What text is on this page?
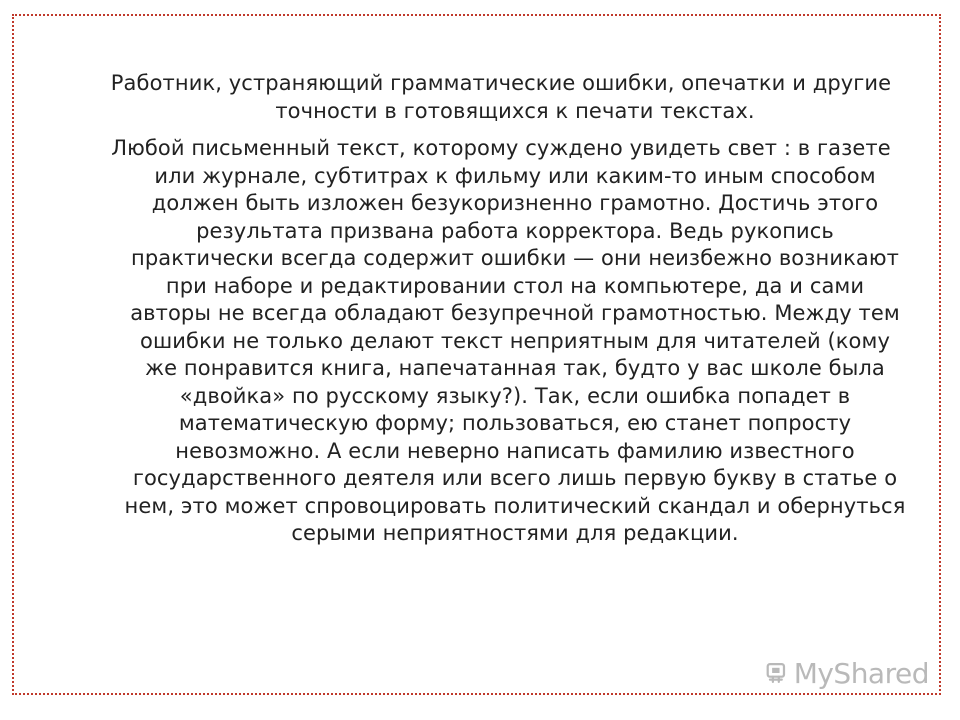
Работник, устраняющий грамматические ошибки, опечатки и другие точности в готовящихся к печати текстах.

Любой письменный текст, которому суждено увидеть свет : в газете или журнале, субтитрах к фильму или каким-то иным способом должен быть изложен безукоризненно грамотно. Достичь этого результата призвана работа корректора. Ведь рукопись практически всегда содержит ошибки — они неизбежно возникают при наборе и редактировании стол на компьютере, да и сами авторы не всегда обладают безупречной грамотностью. Между тем ошибки не только делают текст неприятным для читателей (кому же понравится книга, напечатанная так, будто у вас школе была «двойка» по русскому языку?). Так, если ошибка попадет в математическую форму; пользоваться, ею станет попросту невозможно. А если неверно написать фамилию известного государственного деятеля или всего лишь первую букву в статье о нем, это может спровоцировать политический скандал и обернуться серыми неприятностями для редакции.

MyShared
